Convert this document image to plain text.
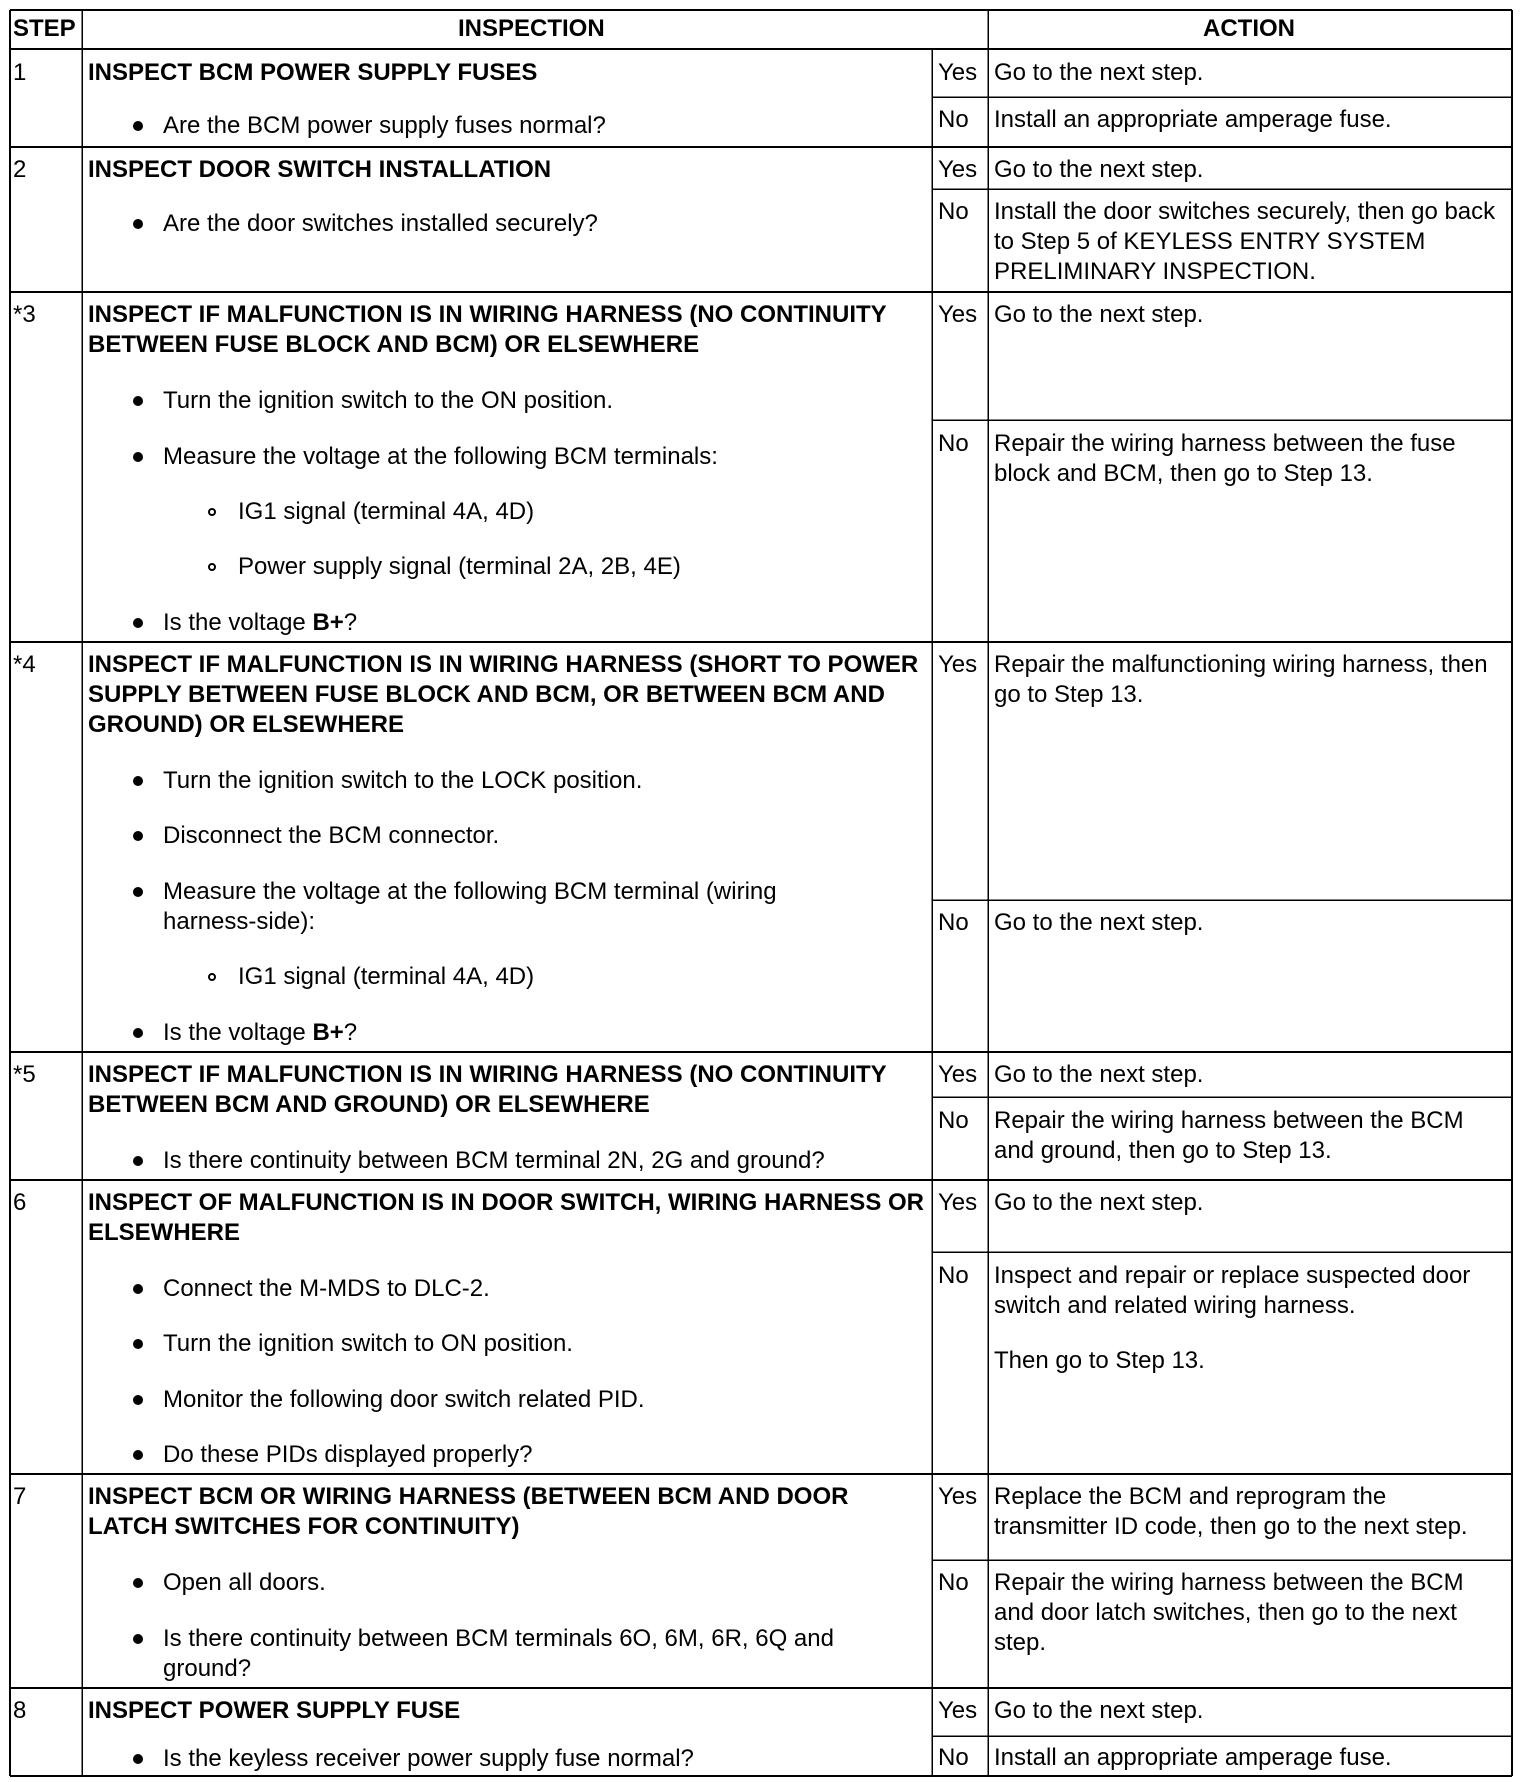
STEP	INSPECTION	ACTION
1	INSPECT BCM POWER SUPPLY FUSES
Are the BCM power supply fuses normal?
Yes Go to the next step.
No Install an appropriate amperage fuse.
2	INSPECT DOOR SWITCH INSTALLATION
Are the door switches installed securely?
Yes Go to the next step.
No Install the door switches securely, then go back to Step 5 of KEYLESS ENTRY SYSTEM PRELIMINARY INSPECTION.
*3 INSPECT IF MALFUNCTION IS IN WIRING HARNESS (NO CONTINUITY BETWEEN FUSE BLOCK AND BCM) OR ELSEWHERE
Turn the ignition switch to the ON position.
Measure the voltage at the following BCM terminals:
IG1 signal (terminal 4A, 4D)
Power supply signal (terminal 2A, 2B, 4E)
Is the voltage B+?
Yes Go to the next step.
No Repair the wiring harness between the fuse block and BCM, then go to Step 13.
*4 INSPECT IF MALFUNCTION IS IN WIRING HARNESS (SHORT TO POWER SUPPLY BETWEEN FUSE BLOCK AND BCM, OR BETWEEN BCM AND GROUND) OR ELSEWHERE
Turn the ignition switch to the LOCK position.
Disconnect the BCM connector.
Measure the voltage at the following BCM terminal (wiring harness-side):
IG1 signal (terminal 4A, 4D)
Is the voltage B+?
Yes Repair the malfunctioning wiring harness, then go to Step 13.
No Go to the next step.
*5 INSPECT IF MALFUNCTION IS IN WIRING HARNESS (NO CONTINUITY BETWEEN BCM AND GROUND) OR ELSEWHERE
Is there continuity between BCM terminal 2N, 2G and ground?
Yes Go to the next step.
No Repair the wiring harness between the BCM and ground, then go to Step 13.
6	INSPECT OF MALFUNCTION IS IN DOOR SWITCH, WIRING HARNESS OR ELSEWHERE
Connect the M-MDS to DLC-2.
Turn the ignition switch to ON position.
Monitor the following door switch related PID.
Do these PIDs displayed properly?
Yes Go to the next step.
No Inspect and repair or replace suspected door switch and related wiring harness.
Then go to Step 13.
7	INSPECT BCM OR WIRING HARNESS (BETWEEN BCM AND DOOR LATCH SWITCHES FOR CONTINUITY)
Open all doors.
Is there continuity between BCM terminals 6O, 6M, 6R, 6Q and ground?
Yes Replace the BCM and reprogram the transmitter ID code, then go to the next step.
No Repair the wiring harness between the BCM and door latch switches, then go to the next step.
8	INSPECT POWER SUPPLY FUSE
Is the keyless receiver power supply fuse normal?
Yes Go to the next step.
No Install an appropriate amperage fuse.
